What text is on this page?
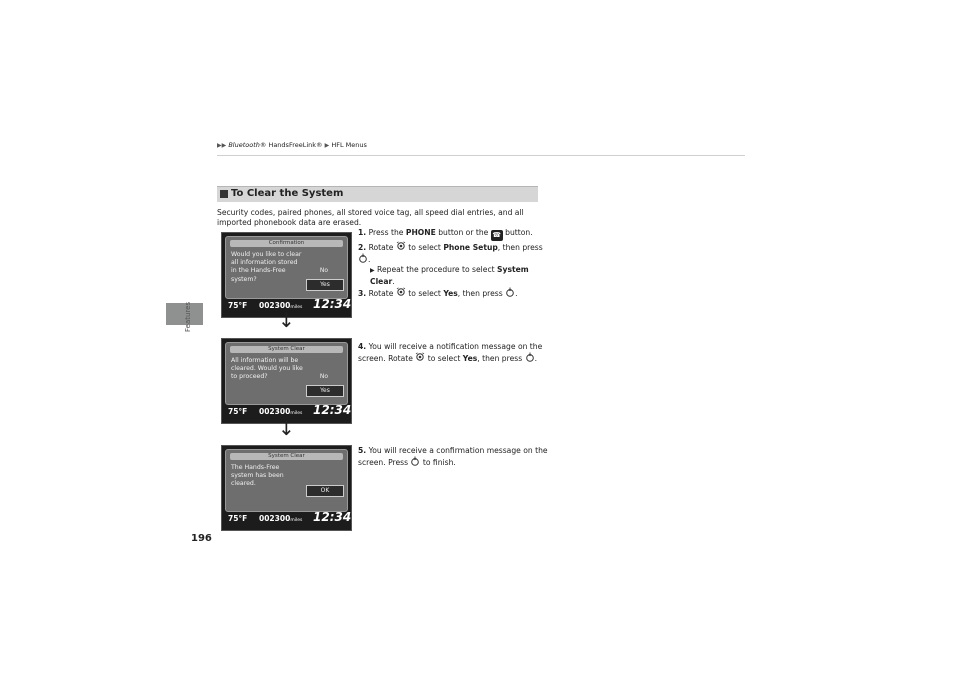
Features
196
▶▶ Bluetooth® HandsFreeLink® ▶ HFL Menus
To Clear the System
Security codes, paired phones, all stored voice tag, all speed dial entries, and all imported phonebook data are erased.
1. Press the PHONE button or the ☎ button.
2. Rotate  to select Phone Setup, then press .
▶ Repeat the procedure to select System Clear.
3. Rotate  to select Yes, then press .
4. You will receive a notification message on the screen. Rotate  to select Yes, then press .
5. You will receive a confirmation message on the screen. Press  to finish.
Confirmation
Would you like to clear all information stored in the Hands-Free system?
No
Yes
75°F 002300miles 12:34
↓
System Clear
All information will be cleared. Would you like to proceed?	No
Yes
75°F 002300miles 12:34
↓
System Clear
The Hands-Free system has been cleared.
OK
75°F 002300miles 12:34
